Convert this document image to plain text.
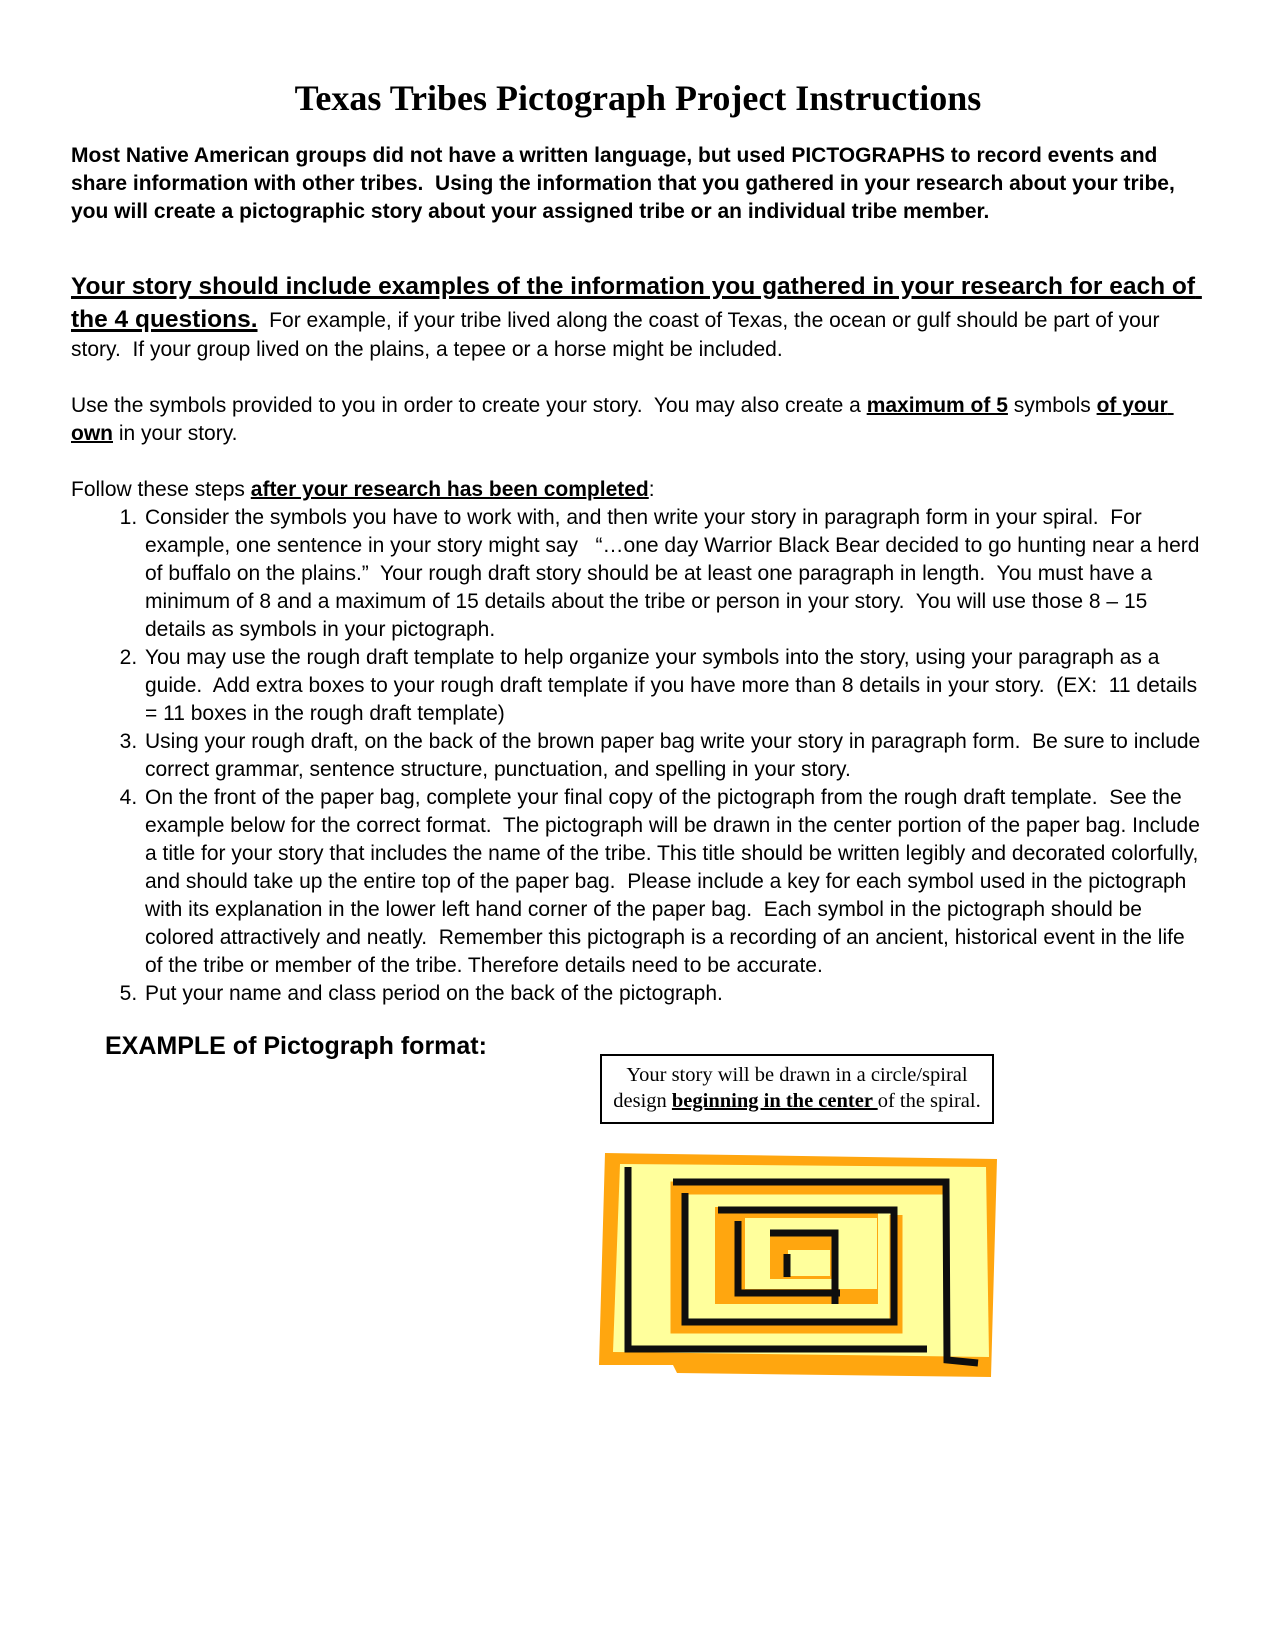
Texas Tribes Pictograph Project Instructions

Most Native American groups did not have a written language, but used PICTOGRAPHS to record events and share information with other tribes.  Using the information that you gathered in your research about your tribe, you will create a pictographic story about your assigned tribe or an individual tribe member.

Your story should include examples of the information you gathered in your research for each of the 4 questions.  For example, if your tribe lived along the coast of Texas, the ocean or gulf should be part of your story.  If your group lived on the plains, a tepee or a horse might be included.

Use the symbols provided to you in order to create your story.  You may also create a maximum of 5 symbols of your own in your story.

Follow these steps after your research has been completed:

1. Consider the symbols you have to work with, and then write your story in paragraph form in your spiral.  For example, one sentence in your story might say   “…one day Warrior Black Bear decided to go hunting near a herd of buffalo on the plains.”  Your rough draft story should be at least one paragraph in length.  You must have a minimum of 8 and a maximum of 15 details about the tribe or person in your story.  You will use those 8 – 15 details as symbols in your pictograph.
2. You may use the rough draft template to help organize your symbols into the story, using your paragraph as a guide.  Add extra boxes to your rough draft template if you have more than 8 details in your story.  (EX:  11 details = 11 boxes in the rough draft template)
3. Using your rough draft, on the back of the brown paper bag write your story in paragraph form.  Be sure to include correct grammar, sentence structure, punctuation, and spelling in your story.
4. On the front of the paper bag, complete your final copy of the pictograph from the rough draft template.  See the example below for the correct format.  The pictograph will be drawn in the center portion of the paper bag. Include a title for your story that includes the name of the tribe. This title should be written legibly and decorated colorfully, and should take up the entire top of the paper bag.  Please include a key for each symbol used in the pictograph with its explanation in the lower left hand corner of the paper bag.  Each symbol in the pictograph should be colored attractively and neatly.  Remember this pictograph is a recording of an ancient, historical event in the life of the tribe or member of the tribe. Therefore details need to be accurate.
5. Put your name and class period on the back of the pictograph.
EXAMPLE of Pictograph format:
Your story will be drawn in a circle/spiral design beginning in the center of the spiral.
